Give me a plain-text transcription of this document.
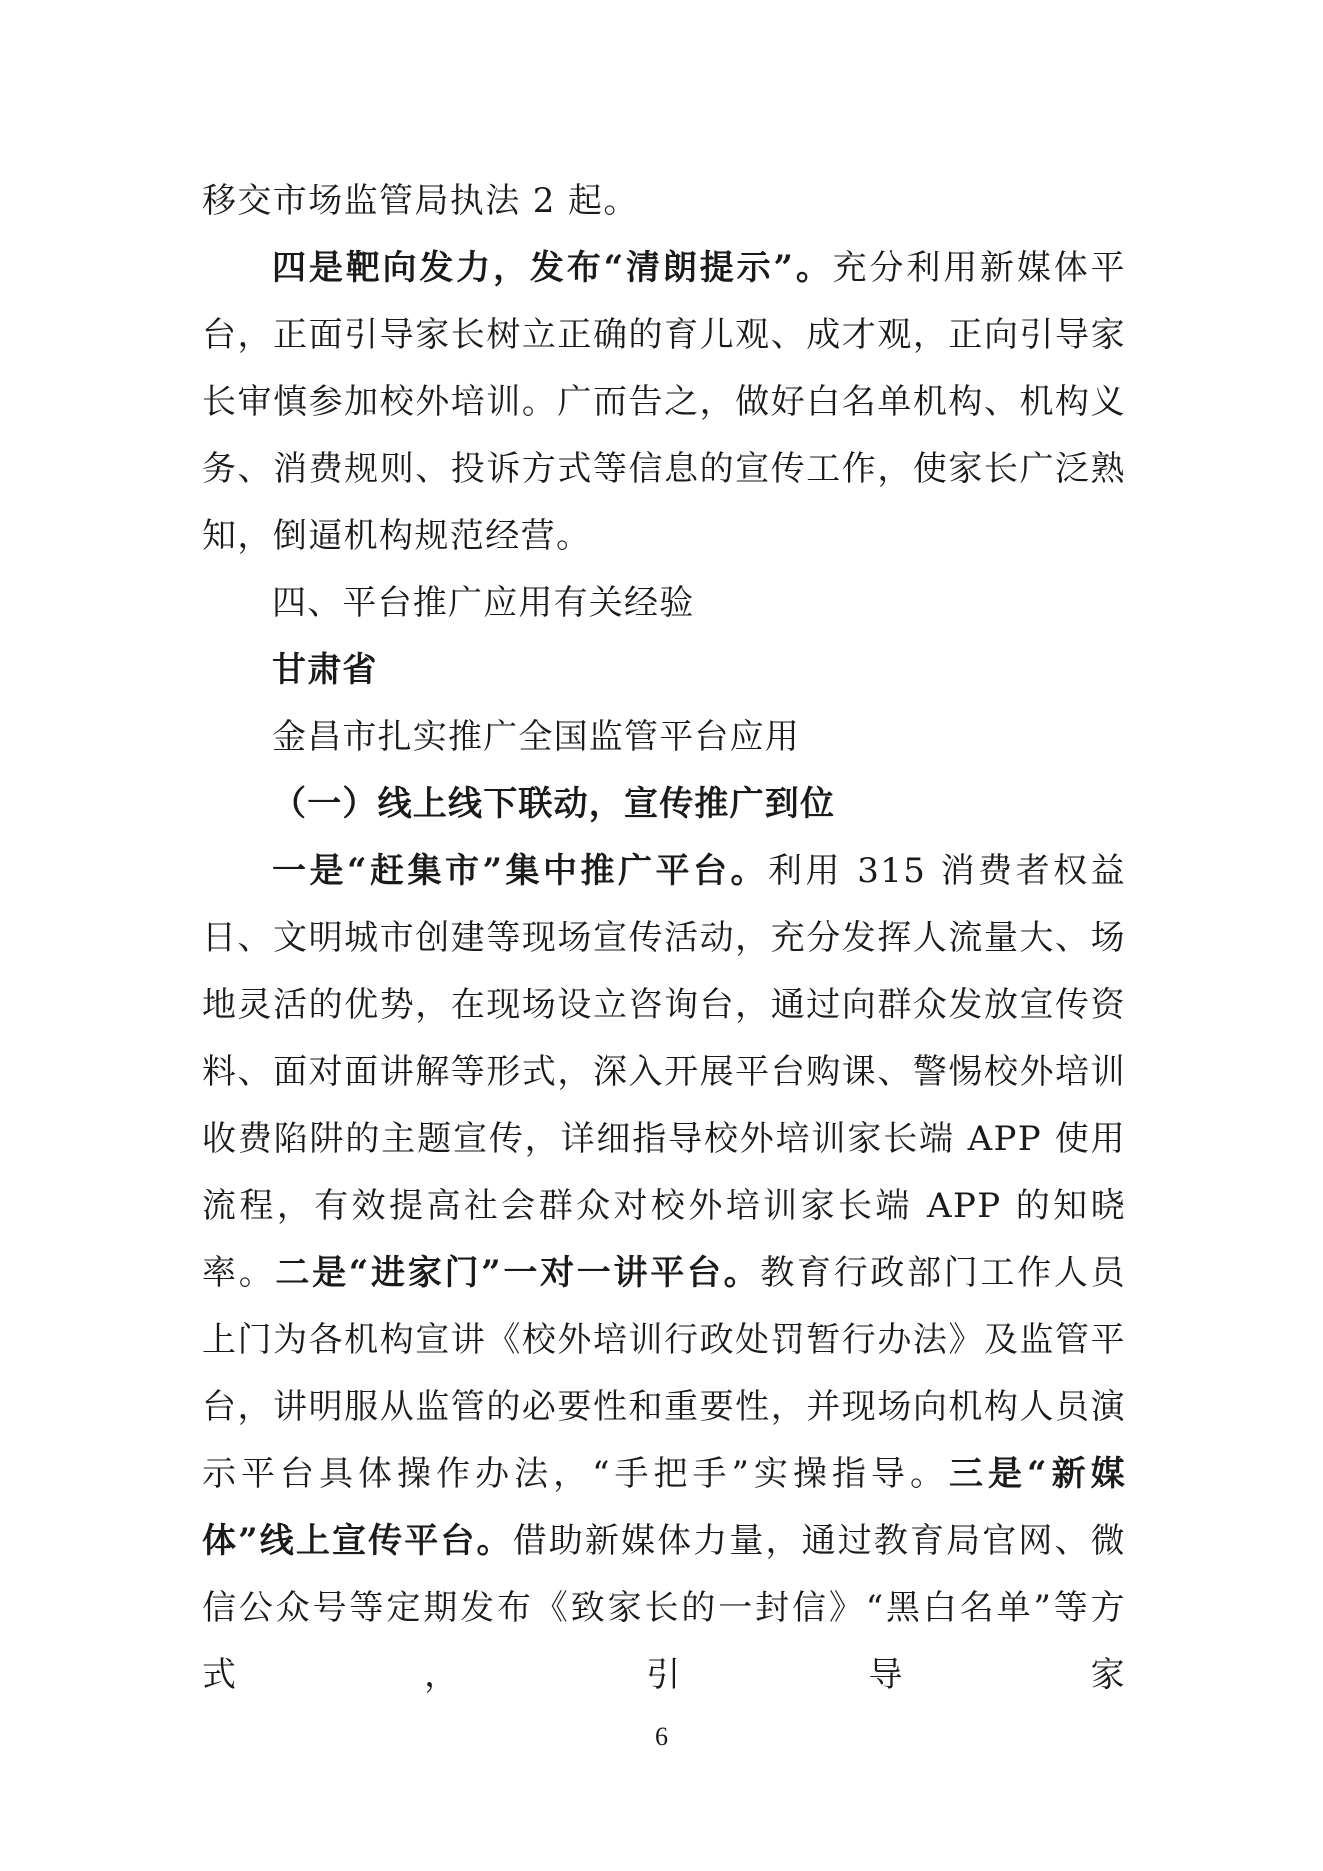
移交市场监管局执法 2 起。

四是靶向发力，发布“清朗提示”。充分利用新媒体平台，正面引导家长树立正确的育儿观、成才观，正向引导家长审慎参加校外培训。广而告之，做好白名单机构、机构义务、消费规则、投诉方式等信息的宣传工作，使家长广泛熟知，倒逼机构规范经营。

四、平台推广应用有关经验

甘肃省

金昌市扎实推广全国监管平台应用

（一）线上线下联动，宣传推广到位

一是“赶集市”集中推广平台。利用 315 消费者权益日、文明城市创建等现场宣传活动，充分发挥人流量大、场地灵活的优势，在现场设立咨询台，通过向群众发放宣传资料、面对面讲解等形式，深入开展平台购课、警惕校外培训收费陷阱的主题宣传，详细指导校外培训家长端 APP 使用流程，有效提高社会群众对校外培训家长端 APP 的知晓率。二是“进家门”一对一讲平台。教育行政部门工作人员上门为各机构宣讲《校外培训行政处罚暂行办法》及监管平台，讲明服从监管的必要性和重要性，并现场向机构人员演示平台具体操作办法，“手把手”实操指导。三是“新媒体”线上宣传平台。借助新媒体力量，通过教育局官网、微信公众号等定期发布《致家长的一封信》“黑白名单”等方式，引导家

6
